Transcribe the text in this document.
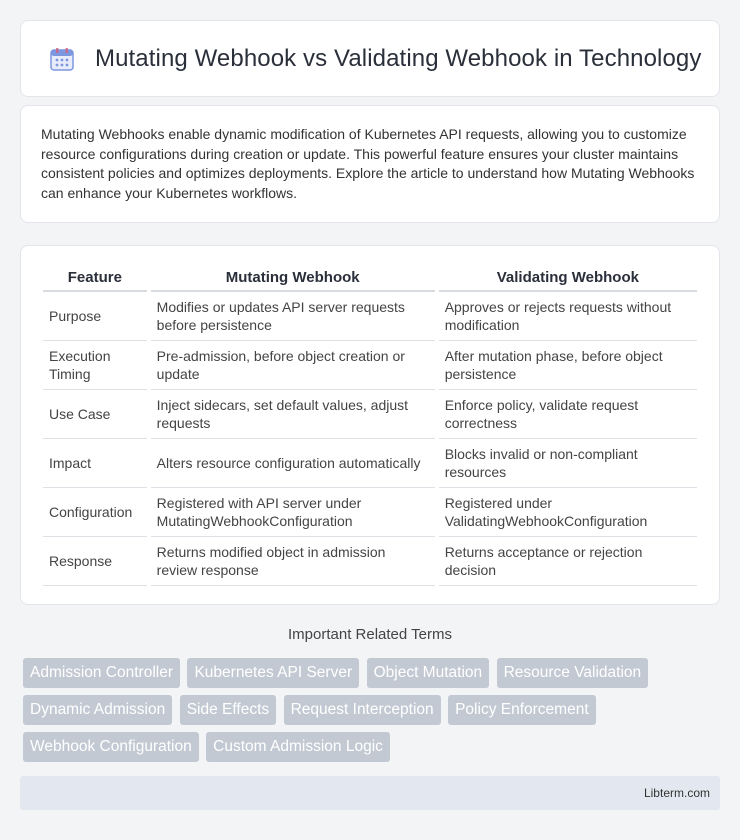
Mutating Webhook vs Validating Webhook in Technology

Mutating Webhooks enable dynamic modification of Kubernetes API requests, allowing you to customize resource configurations during creation or update. This powerful feature ensures your cluster maintains consistent policies and optimizes deployments. Explore the article to understand how Mutating Webhooks can enhance your Kubernetes workflows.

Feature	Mutating Webhook	Validating Webhook
Purpose	Modifies or updates API server requests before persistence	Approves or rejects requests without modification
Execution Timing	Pre-admission, before object creation or update	After mutation phase, before object persistence
Use Case	Inject sidecars, set default values, adjust requests	Enforce policy, validate request correctness
Impact	Alters resource configuration automatically	Blocks invalid or non-compliant resources
Configuration	Registered with API server under MutatingWebhookConfiguration	Registered under ValidatingWebhookConfiguration
Response	Returns modified object in admission review response	Returns acceptance or rejection decision
Important Related Terms
Admission Controller Kubernetes API Server Object Mutation Resource Validation Dynamic Admission Side Effects Request Interception Policy Enforcement Webhook Configuration Custom Admission Logic
Libterm.com
